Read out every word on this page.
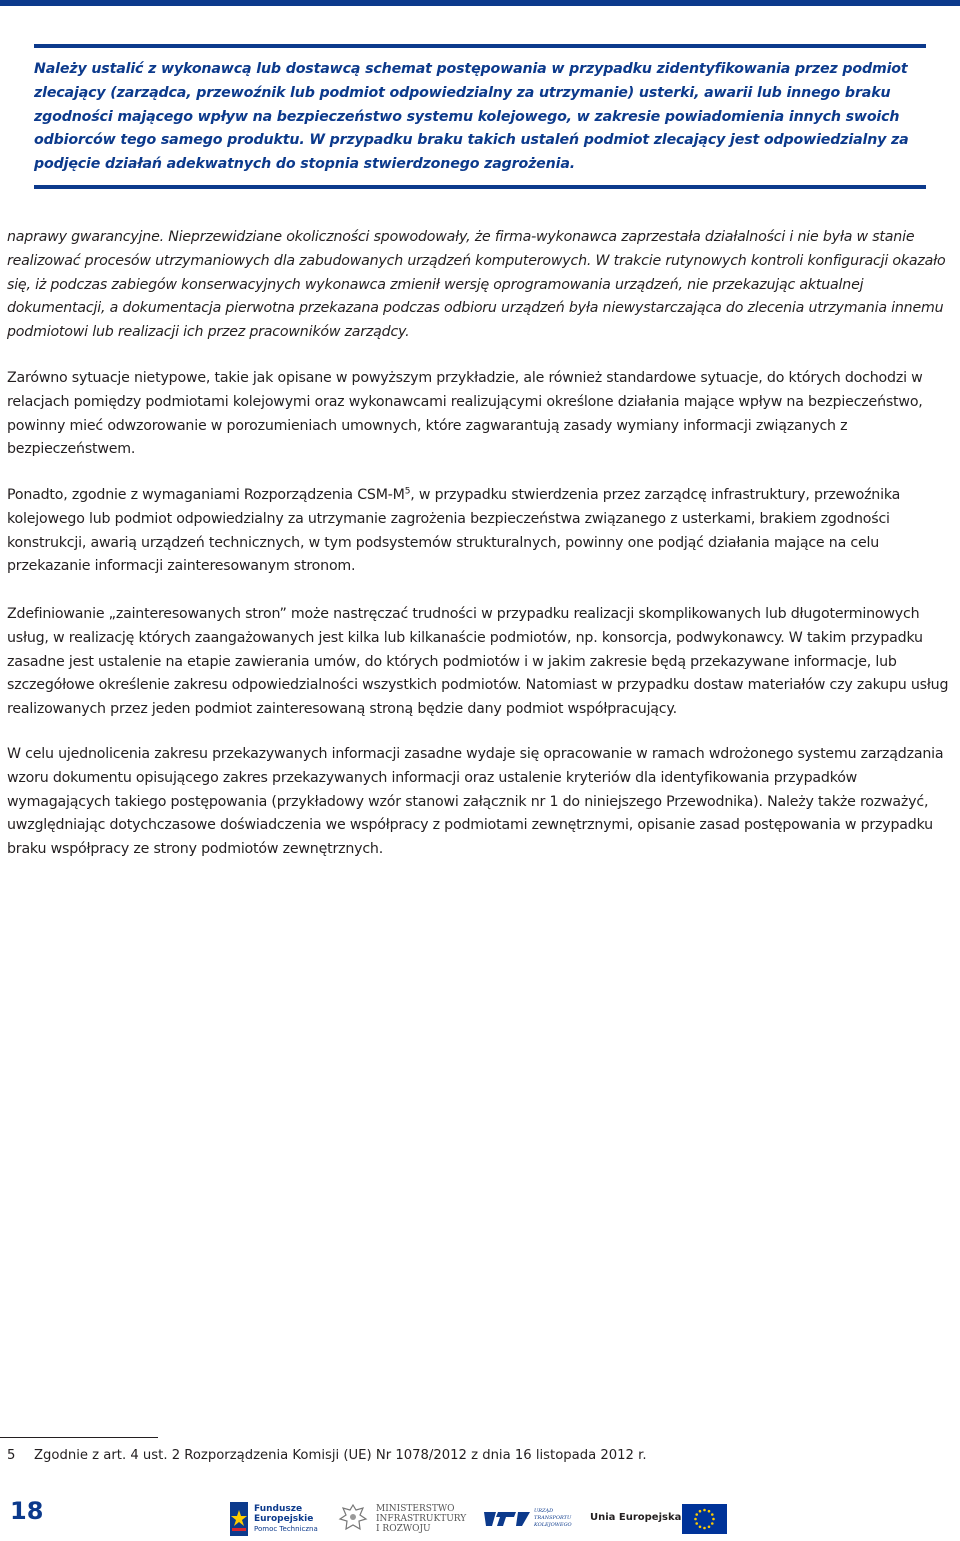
Należy ustalić z wykonawcą lub dostawcą schemat postępowania w przypadku zidentyfikowania przez podmiot zlecający (zarządca, przewoźnik lub podmiot odpowiedzialny za utrzymanie) usterki, awarii lub innego braku zgodności mającego wpływ na bezpieczeństwo systemu kolejowego, w zakresie powiadomienia innych swoich odbiorców tego samego produktu. W przypadku braku takich ustaleń podmiot zlecający jest odpowiedzialny za podjęcie działań adekwatnych do stopnia stwierdzonego zagrożenia.

naprawy gwarancyjne. Nieprzewidziane okoliczności spowodowały, że firma-wykonawca zaprzestała działalności i nie była w stanie realizować procesów utrzymaniowych dla zabudowanych urządzeń komputerowych. W trakcie rutynowych kontroli konfiguracji okazało się, iż podczas zabiegów konserwacyjnych wykonawca zmienił wersję oprogramowania urządzeń, nie przekazując aktualnej dokumentacji, a dokumentacja pierwotna przekazana podczas odbioru urządzeń była niewystarczająca do zlecenia utrzymania innemu podmiotowi lub realizacji ich przez pracowników zarządcy.

Zarówno sytuacje nietypowe, takie jak opisane w powyższym przykładzie, ale również standardowe sytuacje, do których dochodzi w relacjach pomiędzy podmiotami kolejowymi oraz wykonawcami realizującymi określone działania mające wpływ na bezpieczeństwo, powinny mieć odwzorowanie w porozumieniach umownych, które zagwarantują zasady wymiany informacji związanych z bezpieczeństwem.

Ponadto, zgodnie z wymaganiami Rozporządzenia CSM-$M^5$, w przypadku stwierdzenia przez zarządcę infrastruktury, przewoźnika kolejowego lub podmiot odpowiedzialny za utrzymanie zagrożenia bezpieczeństwa związanego z usterkami, brakiem zgodności konstrukcji, awarią urządzeń technicznych, w tym podsystemów strukturalnych, powinny one podjąć działania mające na celu przekazanie informacji zainteresowanym stronom.

Zdefiniowanie „zainteresowanych stron” może nastręczać trudności w przypadku realizacji skomplikowanych lub długoterminowych usług, w realizację których zaangażowanych jest kilka lub kilkanaście podmiotów, np. konsorcja, podwykonawcy. W takim przypadku zasadne jest ustalenie na etapie zawierania umów, do których podmiotów i w jakim zakresie będą przekazywane informacje, lub szczegółowe określenie zakresu odpowiedzialności wszystkich podmiotów. Natomiast w przypadku dostaw materiałów czy zakupu usług realizowanych przez jeden podmiot zainteresowaną stroną będzie dany podmiot współpracujący.

W celu ujednolicenia zakresu przekazywanych informacji zasadne wydaje się opracowanie w ramach wdrożonego systemu zarządzania wzoru dokumentu opisującego zakres przekazywanych informacji oraz ustalenie kryteriów dla identyfikowania przypadków wymagających takiego postępowania (przykładowy wzór stanowi załącznik nr 1 do niniejszego Przewodnika). Należy także rozważyć, uwzględniając dotychczasowe doświadczenia we współpracy z podmiotami zewnętrznymi, opisanie zasad postępowania w przypadku braku współpracy ze strony podmiotów zewnętrznych.

5 Zgodnie z art. 4 ust. 2 Rozporządzenia Komisji (UE) Nr 1078/2012 z dnia 16 listopada 2012 r.
18	Fundusze
Europejskie
Pomoc Techniczna
MINISTERSTWO
INFRASTRUKTURY
I ROZWOJU
URZĄD
TRANSPORTU
KOLEJOWEGO
Unia Europejska
